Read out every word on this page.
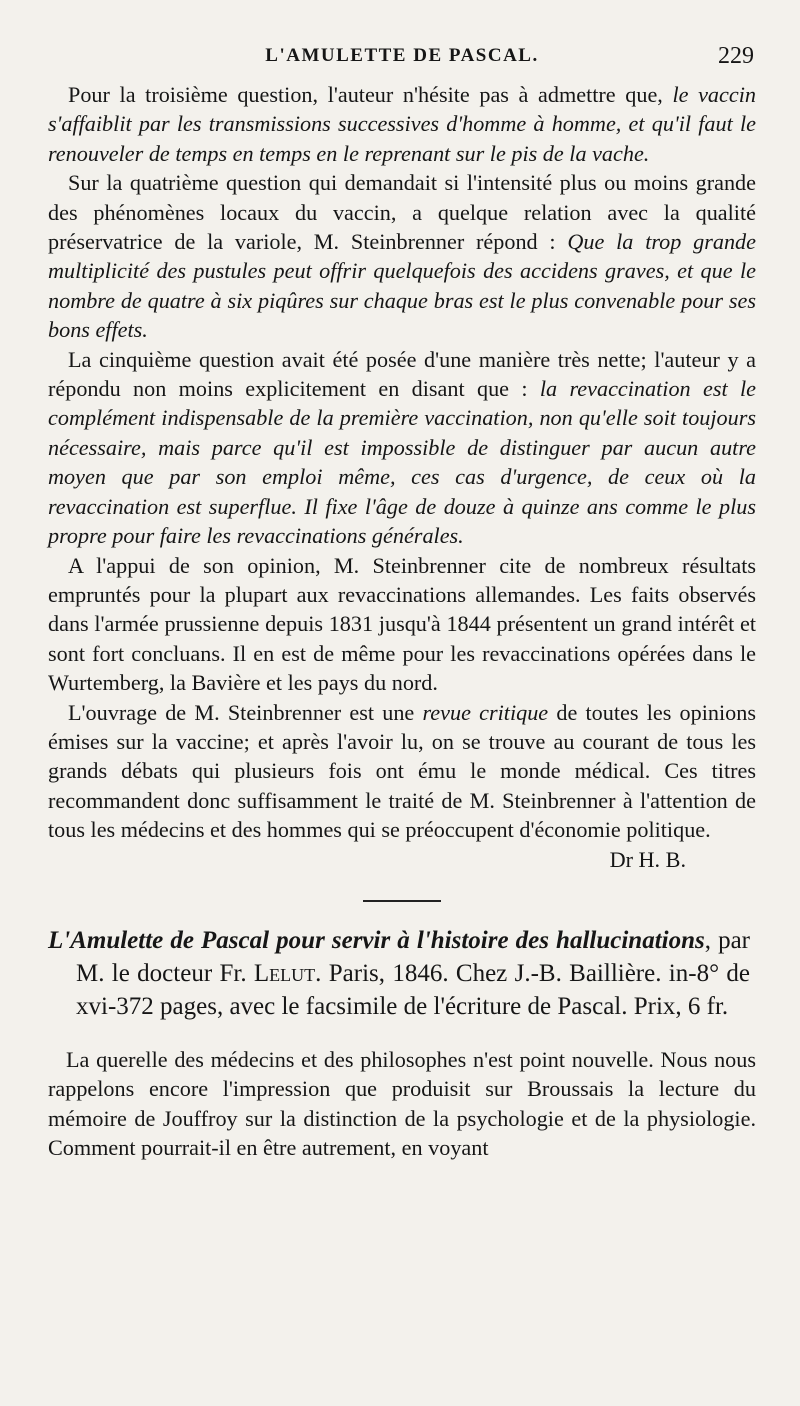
L'AMULETTE DE PASCAL.	229

Pour la troisième question, l'auteur n'hésite pas à admettre que, le vaccin s'affaiblit par les transmissions successives d'homme à homme, et qu'il faut le renouveler de temps en temps en le reprenant sur le pis de la vache.

Sur la quatrième question qui demandait si l'intensité plus ou moins grande des phénomènes locaux du vaccin, a quelque relation avec la qualité préservatrice de la variole, M. Steinbrenner répond : Que la trop grande multiplicité des pustules peut offrir quelquefois des accidens graves, et que le nombre de quatre à six piqûres sur chaque bras est le plus convenable pour ses bons effets.

La cinquième question avait été posée d'une manière très nette; l'auteur y a répondu non moins explicitement en disant que : la revaccination est le complément indispensable de la première vaccination, non qu'elle soit toujours nécessaire, mais parce qu'il est impossible de distinguer par aucun autre moyen que par son emploi même, ces cas d'urgence, de ceux où la revaccination est superflue. Il fixe l'âge de douze à quinze ans comme le plus propre pour faire les revaccinations générales.

A l'appui de son opinion, M. Steinbrenner cite de nombreux résultats empruntés pour la plupart aux revaccinations allemandes. Les faits observés dans l'armée prussienne depuis 1831 jusqu'à 1844 présentent un grand intérêt et sont fort concluans. Il en est de même pour les revaccinations opérées dans le Wurtemberg, la Bavière et les pays du nord.

L'ouvrage de M. Steinbrenner est une revue critique de toutes les opinions émises sur la vaccine; et après l'avoir lu, on se trouve au courant de tous les grands débats qui plusieurs fois ont ému le monde médical. Ces titres recommandent donc suffisamment le traité de M. Steinbrenner à l'attention de tous les médecins et des hommes qui se préoccupent d'économie politique.
Dr H. B.

L'Amulette de Pascal pour servir à l'histoire des hallucinations, par M. le docteur Fr. Lelut. Paris, 1846. Chez J.-B. Baillière. in-8° de xvi-372 pages, avec le facsimile de l'écriture de Pascal. Prix, 6 fr.

La querelle des médecins et des philosophes n'est point nouvelle. Nous nous rappelons encore l'impression que produisit sur Broussais la lecture du mémoire de Jouffroy sur la distinction de la psychologie et de la physiologie. Comment pourrait-il en être autrement, en voyant
